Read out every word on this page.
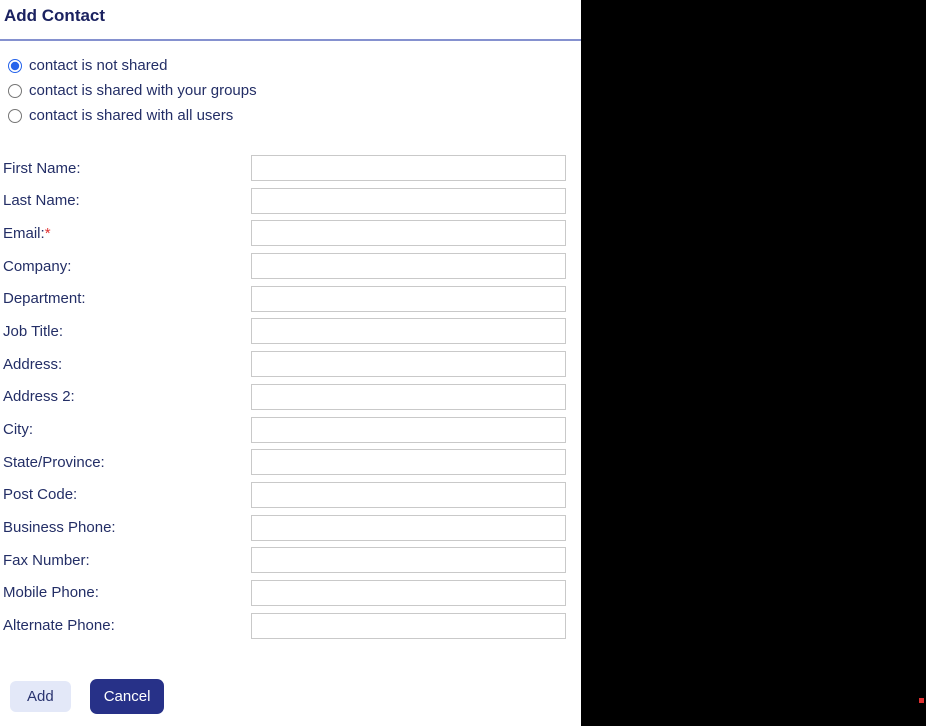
Add Contact
contact is not shared
contact is shared with your groups
contact is shared with all users
First Name:
Last Name:
Email:*
Company:
Department:
Job Title:
Address:
Address 2:
City:
State/Province:
Post Code:
Business Phone:
Fax Number:
Mobile Phone:
Alternate Phone:
Add	Cancel
